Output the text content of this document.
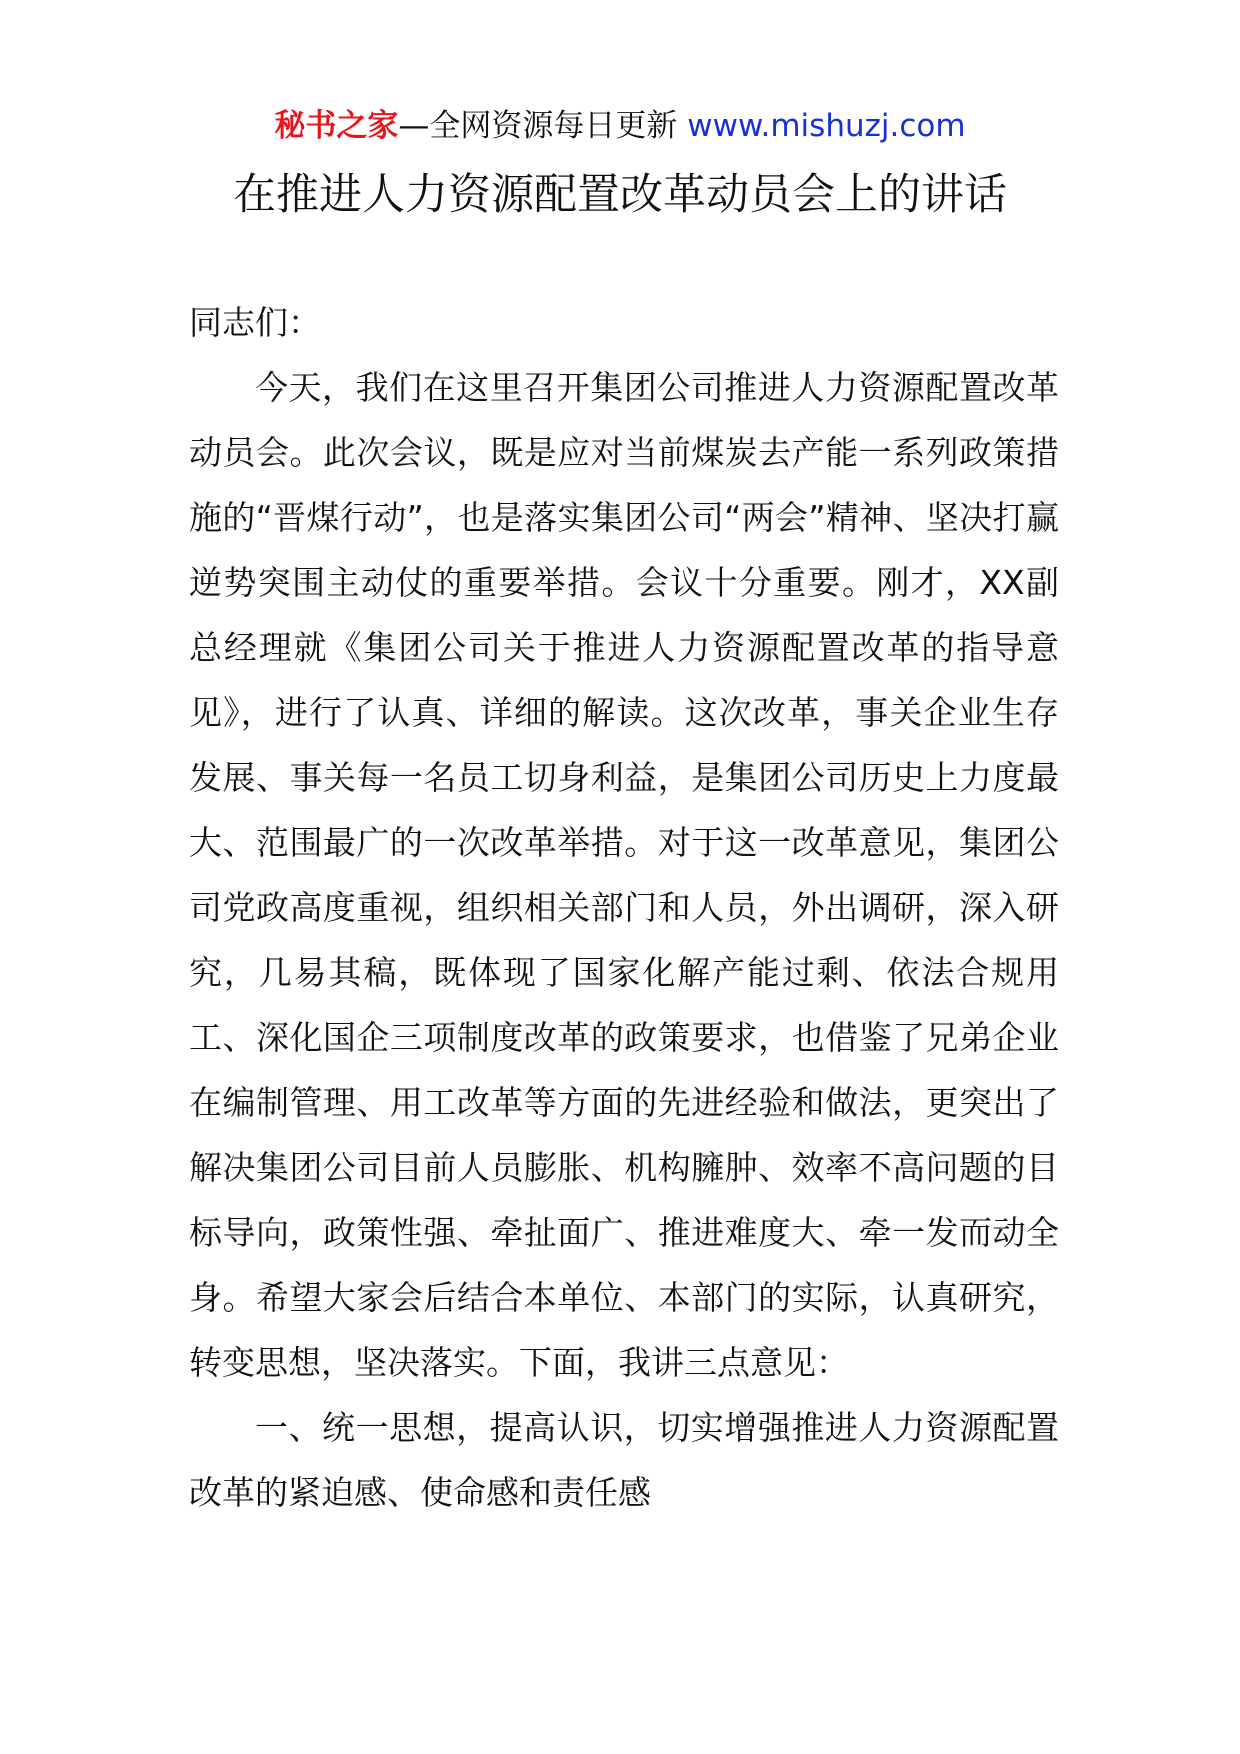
秘书之家—全网资源每日更新 www.mishuzj.com
在推进人力资源配置改革动员会上的讲话

同志们：

今天，我们在这里召开集团公司推进人力资源配置改革动员会。此次会议，既是应对当前煤炭去产能一系列政策措施的“晋煤行动”，也是落实集团公司“两会”精神、坚决打赢逆势突围主动仗的重要举措。会议十分重要。刚才，XX副总经理就《集团公司关于推进人力资源配置改革的指导意见》，进行了认真、详细的解读。这次改革，事关企业生存发展、事关每一名员工切身利益，是集团公司历史上力度最大、范围最广的一次改革举措。对于这一改革意见，集团公司党政高度重视，组织相关部门和人员，外出调研，深入研究，几易其稿，既体现了国家化解产能过剩、依法合规用工、深化国企三项制度改革的政策要求，也借鉴了兄弟企业在编制管理、用工改革等方面的先进经验和做法，更突出了解决集团公司目前人员膨胀、机构臃肿、效率不高问题的目标导向，政策性强、牵扯面广、推进难度大、牵一发而动全身。希望大家会后结合本单位、本部门的实际，认真研究，转变思想，坚决落实。下面，我讲三点意见：

一、统一思想，提高认识，切实增强推进人力资源配置改革的紧迫感、使命感和责任感
